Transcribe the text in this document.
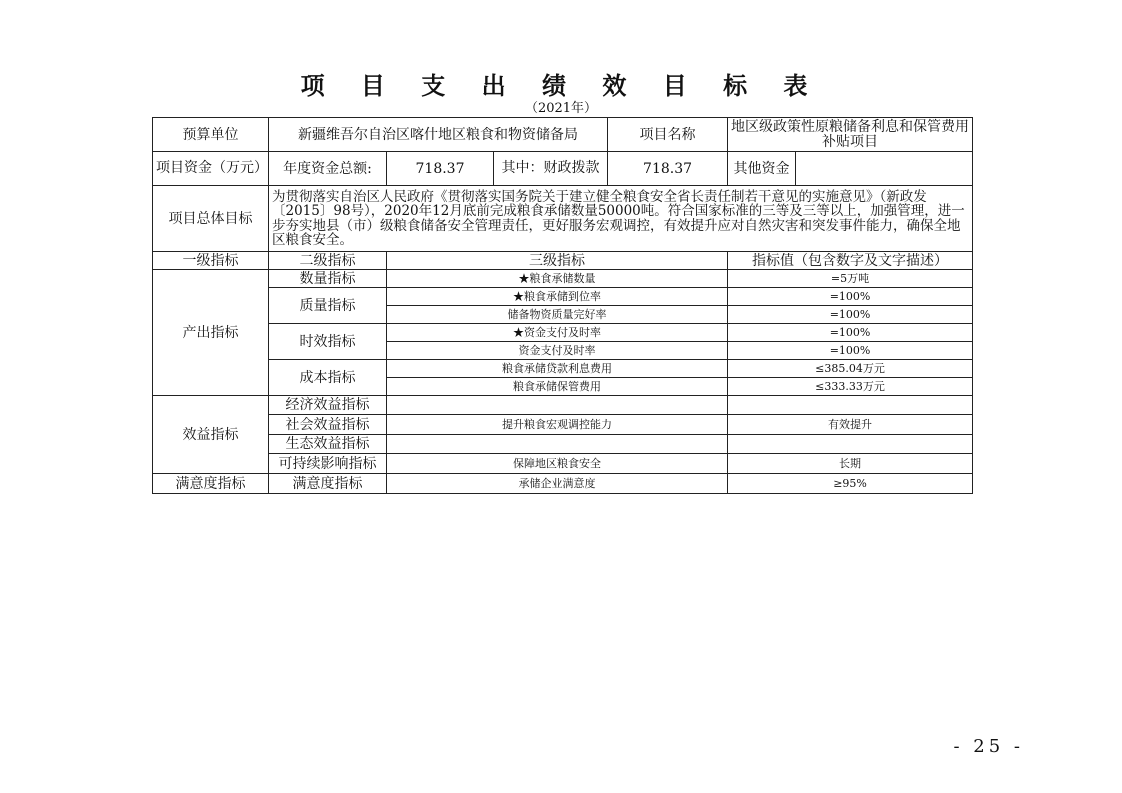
项 目 支 出 绩 效 目 标 表
（2021年）
预算单位	新疆维吾尔自治区喀什地区粮食和物资储备局			项目名称	地区级政策性原粮储备利息和保管费用补贴项目	
项目资金（万元）	年度资金总额:	718.37	其中：财政拨款	718.37	其他资金	
项目总体目标	为贯彻落实自治区人民政府《贯彻落实国务院关于建立健全粮食安全省长责任制若干意见的实施意见》（新政发〔2015〕98号），2020年12月底前完成粮食承储数量50000吨。符合国家标准的三等及三等以上，加强管理，进一步夯实地县（市）级粮食储备安全管理责任，更好服务宏观调控，有效提升应对自然灾害和突发事件能力，确保全地区粮食安全。					
一级指标	二级指标	三级指标			指标值（包含数字及文字描述）	
产出指标	数量指标	★粮食承储数量			=5万吨	
	质量指标	★粮食承储到位率			=100%	
		储备物资质量完好率			=100%	
	时效指标	★资金支付及时率			=100%	
		资金支付及时率			=100%	
	成本指标	粮食承储贷款利息费用			≤385.04万元	
		粮食承储保管费用			≤333.33万元	
效益指标	经济效益指标					
	社会效益指标	提升粮食宏观调控能力			有效提升	
	生态效益指标					
	可持续影响指标	保障地区粮食安全			长期	
满意度指标	满意度指标	承储企业满意度			≥95%	
- 25 -
